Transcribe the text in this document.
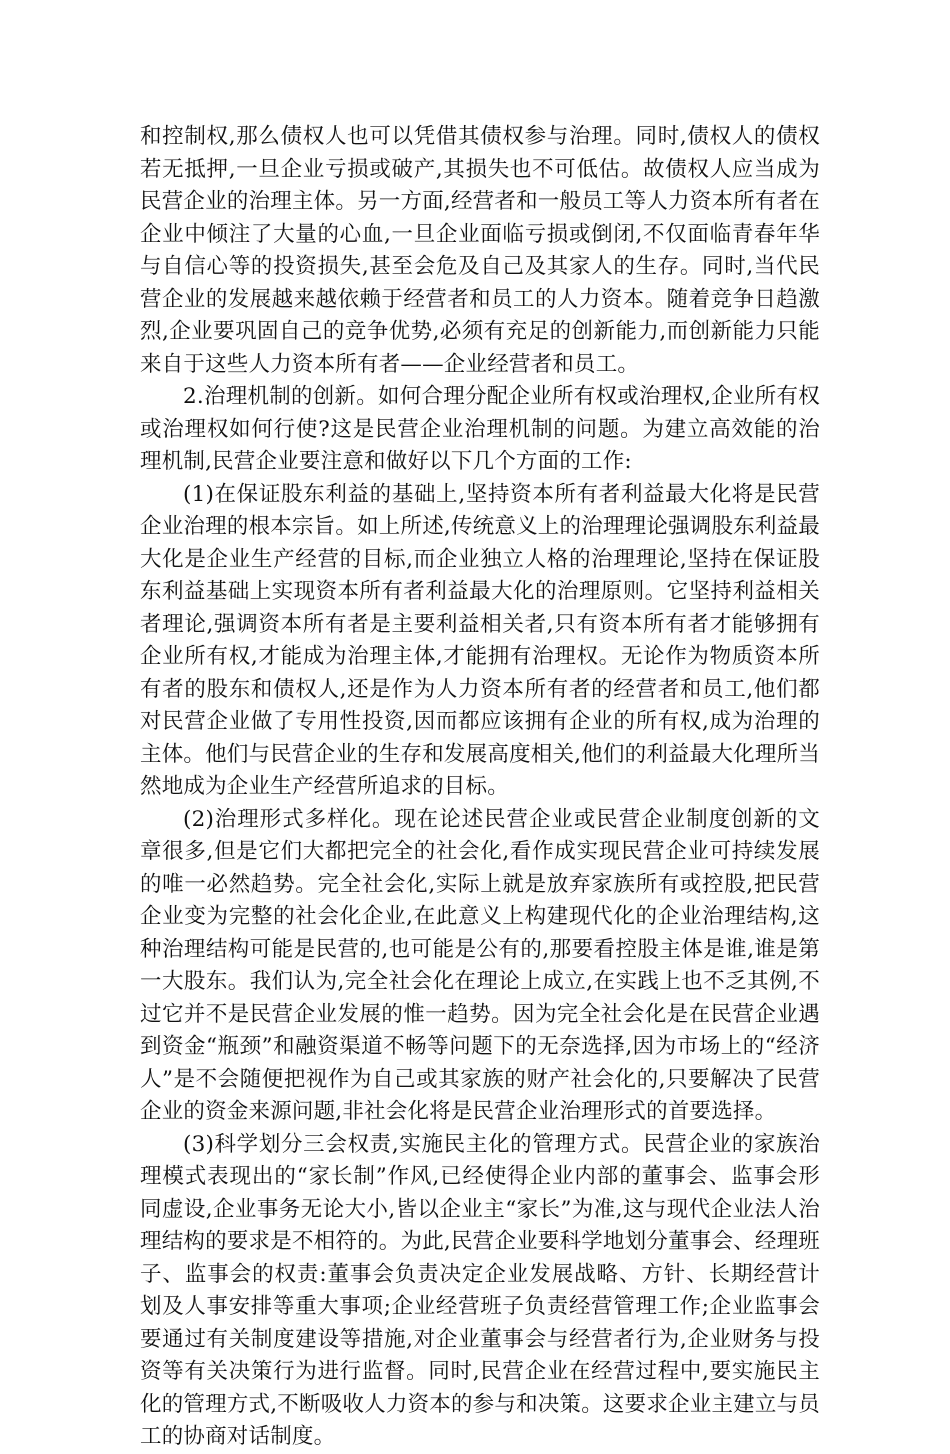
和控制权,那么债权人也可以凭借其债权参与治理。同时,债权人的债权若无抵押,一旦企业亏损或破产,其损失也不可低估。故债权人应当成为民营企业的治理主体。另一方面,经营者和一般员工等人力资本所有者在企业中倾注了大量的心血,一旦企业面临亏损或倒闭,不仅面临青春年华与自信心等的投资损失,甚至会危及自己及其家人的生存。同时,当代民营企业的发展越来越依赖于经营者和员工的人力资本。随着竞争日趋激烈,企业要巩固自己的竞争优势,必须有充足的创新能力,而创新能力只能来自于这些人力资本所有者——企业经营者和员工。

2.治理机制的创新。如何合理分配企业所有权或治理权,企业所有权或治理权如何行使?这是民营企业治理机制的问题。为建立高效能的治理机制,民营企业要注意和做好以下几个方面的工作:

(1)在保证股东利益的基础上,坚持资本所有者利益最大化将是民营企业治理的根本宗旨。如上所述,传统意义上的治理理论强调股东利益最大化是企业生产经营的目标,而企业独立人格的治理理论,坚持在保证股东利益基础上实现资本所有者利益最大化的治理原则。它坚持利益相关者理论,强调资本所有者是主要利益相关者,只有资本所有者才能够拥有企业所有权,才能成为治理主体,才能拥有治理权。无论作为物质资本所有者的股东和债权人,还是作为人力资本所有者的经营者和员工,他们都对民营企业做了专用性投资,因而都应该拥有企业的所有权,成为治理的主体。他们与民营企业的生存和发展高度相关,他们的利益最大化理所当然地成为企业生产经营所追求的目标。

(2)治理形式多样化。现在论述民营企业或民营企业制度创新的文章很多,但是它们大都把完全的社会化,看作成实现民营企业可持续发展的唯一必然趋势。完全社会化,实际上就是放弃家族所有或控股,把民营企业变为完整的社会化企业,在此意义上构建现代化的企业治理结构,这种治理结构可能是民营的,也可能是公有的,那要看控股主体是谁,谁是第一大股东。我们认为,完全社会化在理论上成立,在实践上也不乏其例,不过它并不是民营企业发展的惟一趋势。因为完全社会化是在民营企业遇到资金“瓶颈”和融资渠道不畅等问题下的无奈选择,因为市场上的“经济人”是不会随便把视作为自己或其家族的财产社会化的,只要解决了民营企业的资金来源问题,非社会化将是民营企业治理形式的首要选择。

(3)科学划分三会权责,实施民主化的管理方式。民营企业的家族治理模式表现出的“家长制”作风,已经使得企业内部的董事会、监事会形同虚设,企业事务无论大小,皆以企业主“家长”为准,这与现代企业法人治理结构的要求是不相符的。为此,民营企业要科学地划分董事会、经理班子、监事会的权责:董事会负责决定企业发展战略、方针、长期经营计划及人事安排等重大事项;企业经营班子负责经营管理工作;企业监事会要通过有关制度建设等措施,对企业董事会与经营者行为,企业财务与投资等有关决策行为进行监督。同时,民营企业在经营过程中,要实施民主化的管理方式,不断吸收人力资本的参与和决策。这要求企业主建立与员工的协商对话制度。
